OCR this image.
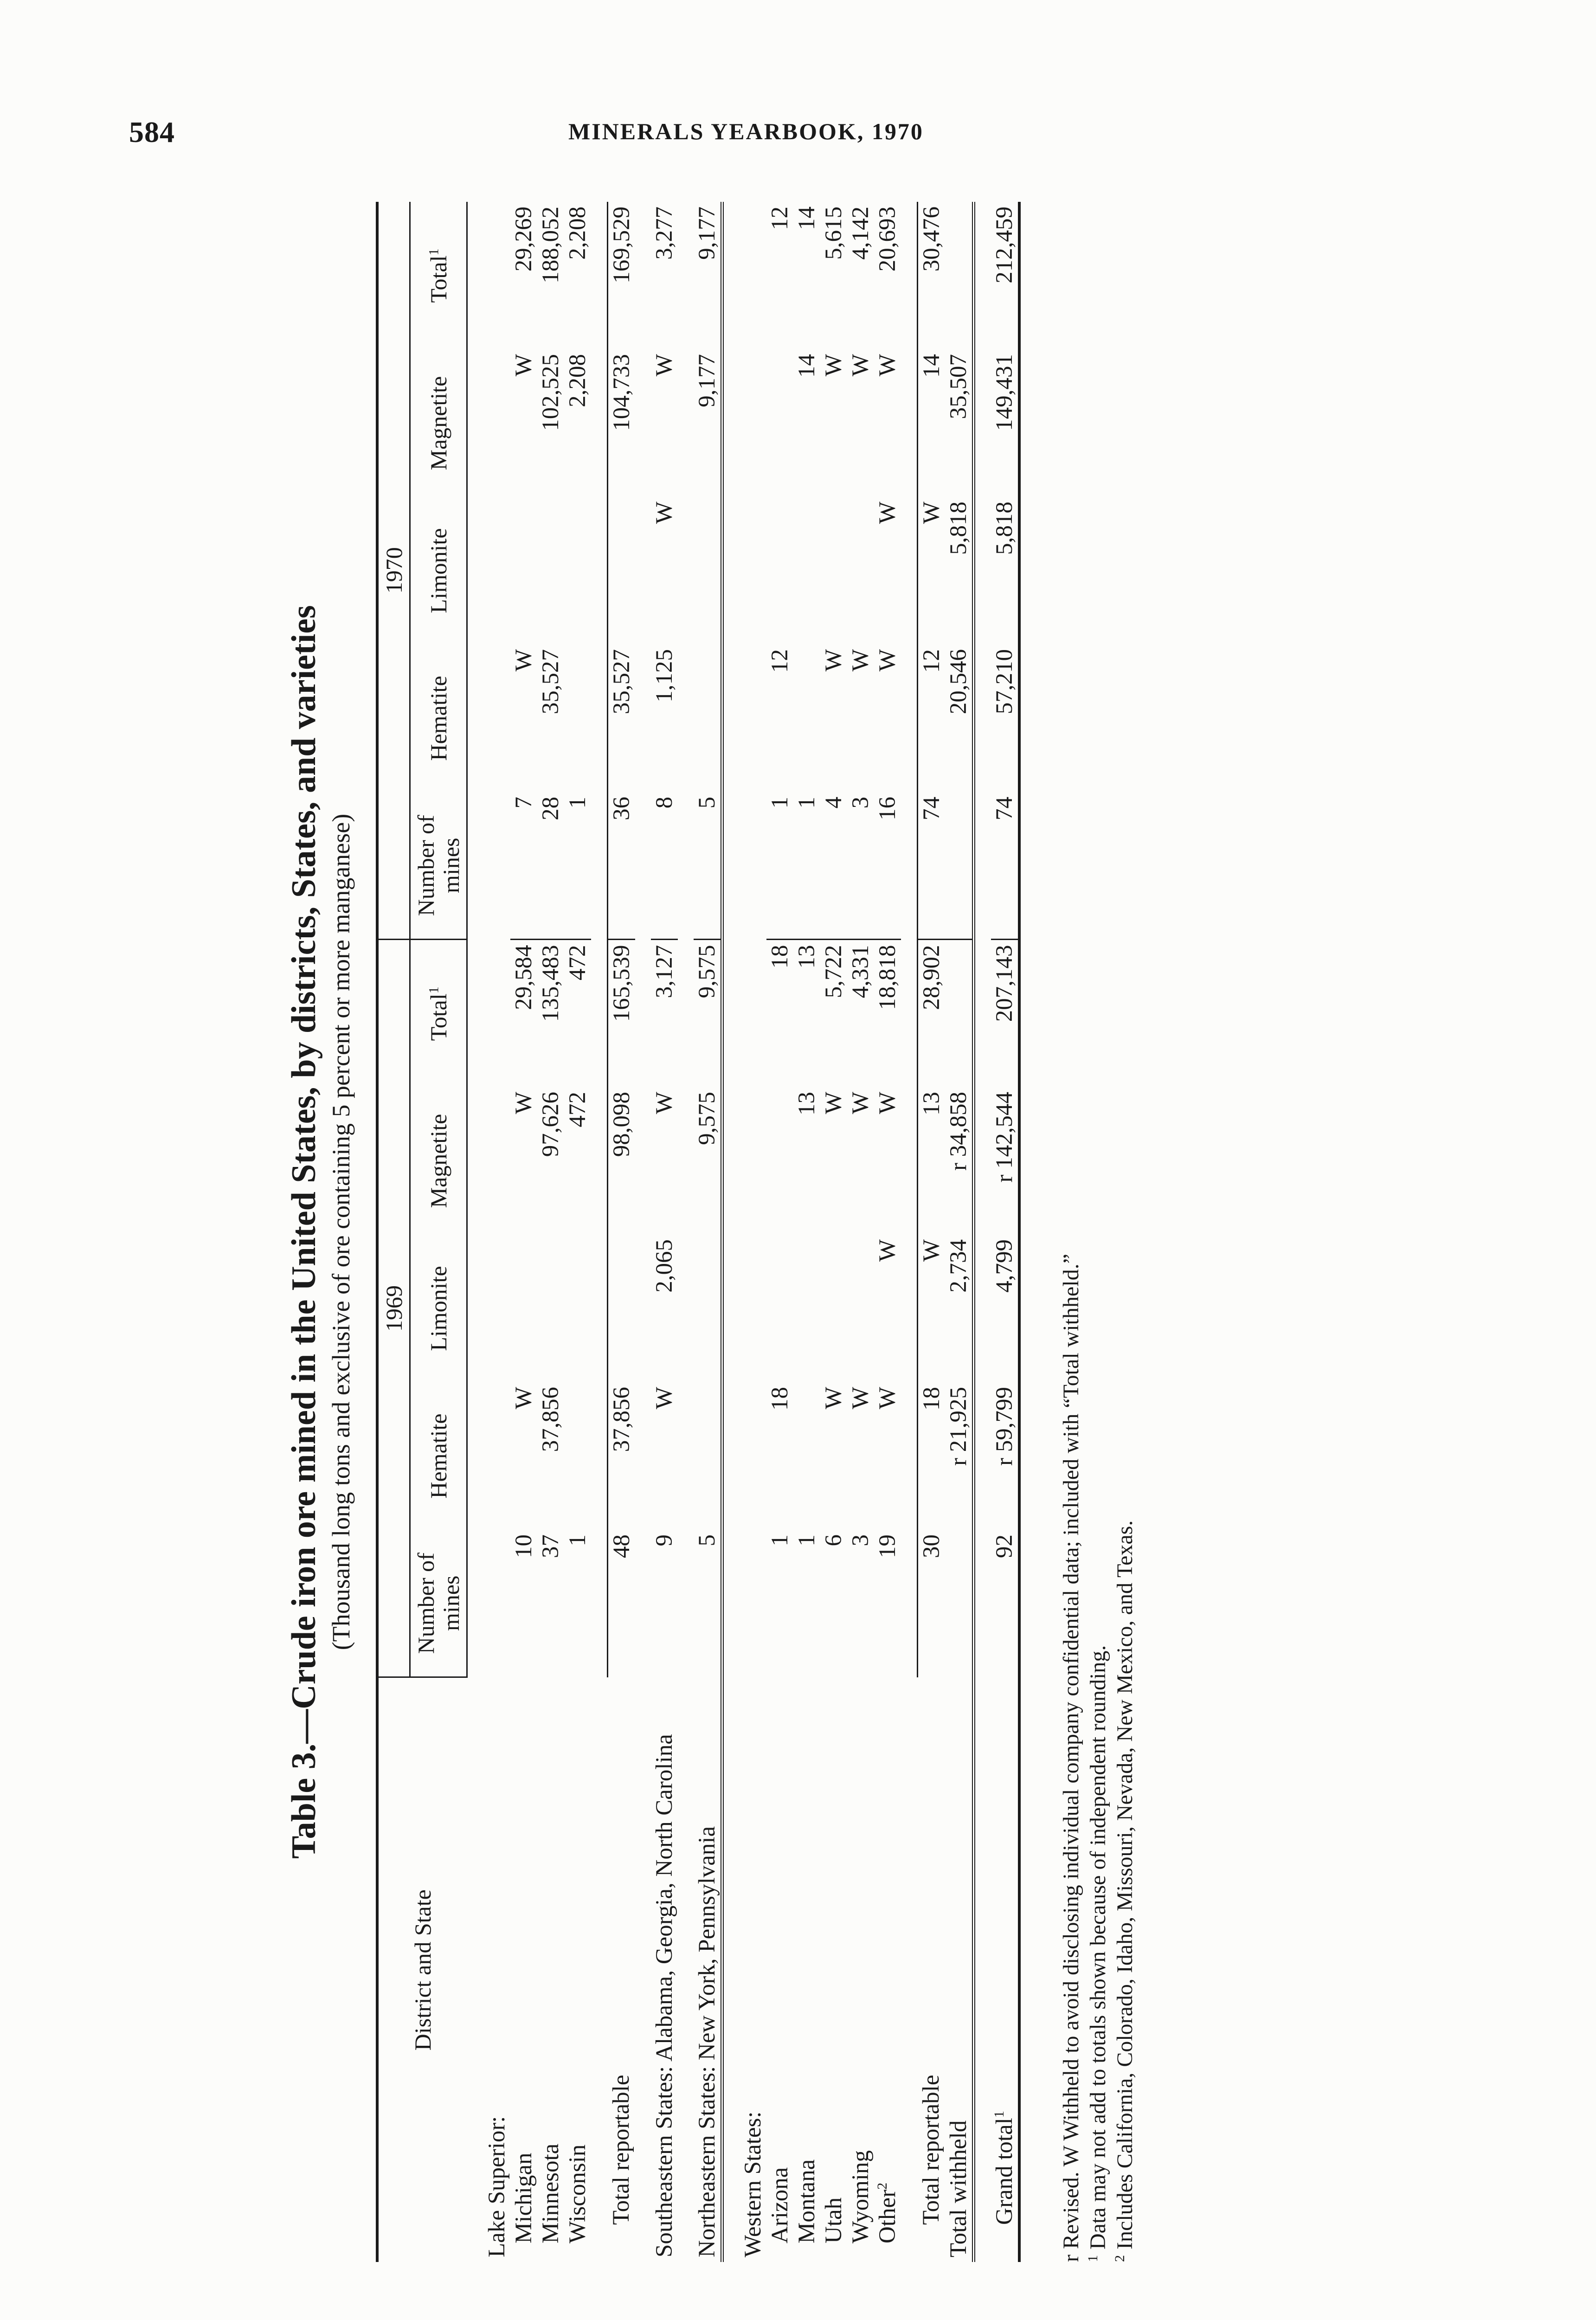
584	MINERALS YEARBOOK, 1970
Table 3.—Crude iron ore mined in the United States, by districts, States, and varieties (Thousand long tons and exclusive of ore containing 5 percent or more manganese)
District and State	1969					1970				
	Number of mines	Hematite	Limonite	Magnetite	Total$^1$	Number of mines	Hematite	Limonite	Magnetite	Total$^1$

Lake Superior:										
Michigan	10	W		W	29,584	7	W		W	29,269
Minnesota	37	37,856		97,626	135,483	28	35,527		102,525	188,052
Wisconsin	1			472	472	1			2,208	2,208

Total reportable	48	37,856		98,098	165,539	36	35,527		104,733	169,529

Southeastern States: Alabama, Georgia, North Carolina	9	W	2,065	W	3,127	8	1,125	W	W	3,277

Northeastern States: New York, Pennsylvania	5			9,575	9,575	5			9,177	9,177

Western States:										
Arizona	1	18			18	1	12			12
Montana	1			13	13	1			14	14
Utah	6	W		W	5,722	4	W		W	5,615
Wyoming	3	W		W	4,331	3	W		W	4,142
Other$^2$	19	W	W	W	18,818	16	W	W	W	20,693

Total reportable	30	18	W	13	28,902	74	12	W	14	30,476
Total withheld		r 21,925	2,734	r 34,858			20,546	5,818	35,507	

Grand total$^1$	92	r 59,799	4,799	r 142,544	207,143	74	57,210	5,818	149,431	212,459

r Revised. W Withheld to avoid disclosing individual company confidential data; included with “Total withheld.” $^1$ Data may not add to totals shown because of independent rounding.

$^2$ Includes California, Colorado, Idaho, Missouri, Nevada, New Mexico, and Texas.
